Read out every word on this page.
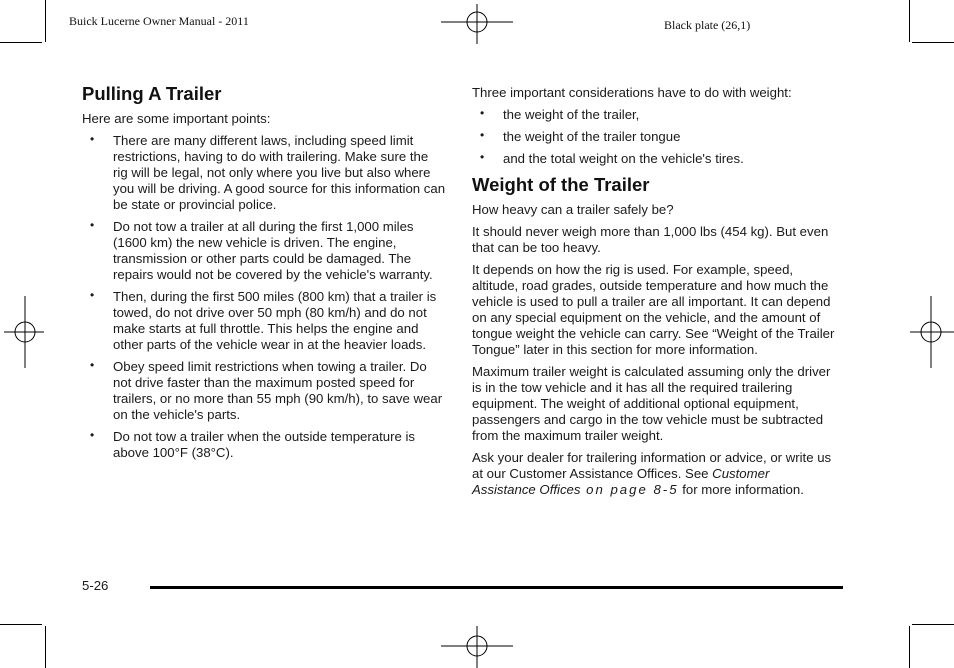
Buick Lucerne Owner Manual - 2011	Black plate (26,1)
Pulling A Trailer

Here are some important points:

• There are many different laws, including speed limit restrictions, having to do with trailering. Make sure the rig will be legal, not only where you live but also where you will be driving. A good source for this information can be state or provincial police.
• Do not tow a trailer at all during the first 1,000 miles (1600 km) the new vehicle is driven. The engine, transmission or other parts could be damaged. The repairs would not be covered by the vehicle's warranty.
• Then, during the first 500 miles (800 km) that a trailer is towed, do not drive over 50 mph (80 km/h) and do not make starts at full throttle. This helps the engine and other parts of the vehicle wear in at the heavier loads.
• Obey speed limit restrictions when towing a trailer. Do not drive faster than the maximum posted speed for trailers, or no more than 55 mph (90 km/h), to save wear on the vehicle's parts.
• Do not tow a trailer when the outside temperature is above 100°F (38°C).

Three important considerations have to do with weight:

• the weight of the trailer,
• the weight of the trailer tongue
• and the total weight on the vehicle's tires.
Weight of the Trailer

How heavy can a trailer safely be?

It should never weigh more than 1,000 lbs (454 kg). But even that can be too heavy.

It depends on how the rig is used. For example, speed, altitude, road grades, outside temperature and how much the vehicle is used to pull a trailer are all important. It can depend on any special equipment on the vehicle, and the amount of tongue weight the vehicle can carry. See “Weight of the Trailer Tongue” later in this section for more information.

Maximum trailer weight is calculated assuming only the driver is in the tow vehicle and it has all the required trailering equipment. The weight of additional optional equipment, passengers and cargo in the tow vehicle must be subtracted from the maximum trailer weight.

Ask your dealer for trailering information or advice, or write us at our Customer Assistance Offices. See Customer Assistance Offices on page 8-5 for more information.

5-26
